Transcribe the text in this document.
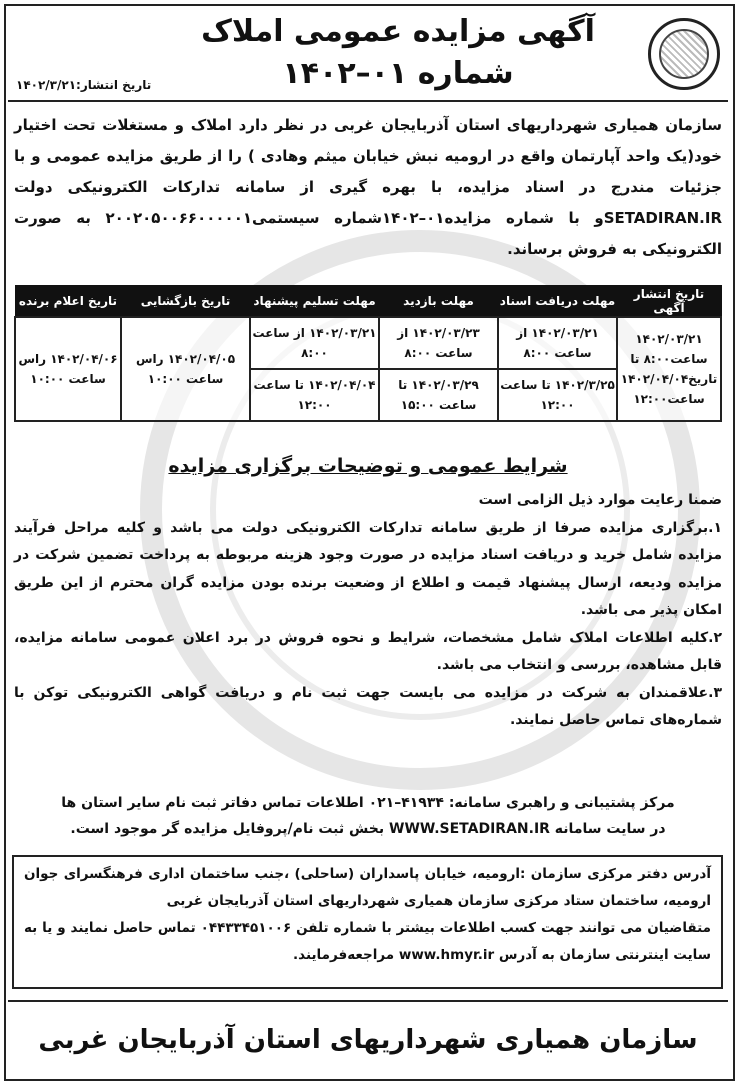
آگهی مزایده عمومی املاک
شماره ۰۱–۱۴۰۲
تاریخ انتشار:۱۴۰۲/۳/۲۱
سازمان همیاری شهرداریهای استان آذربایجان غربی در نظر دارد املاک و مستغلات تحت اختیار خود(یک واحد آپارتمان واقع در ارومیه نبش خیابان میثم وهادی ) را از طریق مزایده عمومی و با جزئیات مندرج در اسناد مزایده، با بهره گیری از سامانه تدارکات الکترونیکی دولت SETADIRAN.IRو با شماره مزایده۰۱–۱۴۰۲شماره سیستمی۲۰۰۲۰۵۰۰۶۶۰۰۰۰۰۱ به صورت الکترونیکی به فروش برساند.
تاریخ انتشار آگهی	مهلت دریافت اسناد	مهلت بازدید	مهلت تسلیم پیشنهاد	تاریخ بازگشایی	تاریخ اعلام برنده
۱۴۰۲/۰۳/۲۱ ساعت۸:۰۰ تا تاریخ۱۴۰۲/۰۴/۰۴ ساعت۱۲:۰۰	۱۴۰۲/۰۳/۲۱ از ساعت ۸:۰۰	۱۴۰۲/۰۳/۲۳ از ساعت ۸:۰۰	۱۴۰۲/۰۳/۲۱ از ساعت ۸:۰۰	۱۴۰۲/۰۴/۰۵ راس ساعت ۱۰:۰۰	۱۴۰۲/۰۴/۰۶ راس ساعت ۱۰:۰۰
	۱۴۰۲/۳/۲۵ تا ساعت ۱۲:۰۰	۱۴۰۲/۰۳/۲۹ تا ساعت ۱۵:۰۰	۱۴۰۲/۰۴/۰۴ تا ساعت ۱۲:۰۰		
شرایط عمومی و توضیحات برگزاری مزایده

ضمنا رعایت موارد ذیل الزامی است

۱.برگزاری مزایده صرفا از طریق سامانه تدارکات الکترونیکی دولت می باشد و کلیه مراحل فرآیند مزایده شامل خرید و دریافت اسناد مزایده در صورت وجود هزینه مربوطه به پرداخت تضمین شرکت در مزایده ودیعه، ارسال پیشنهاد قیمت و اطلاع از وضعیت برنده بودن مزایده گران محترم از این طریق امکان پذیر می باشد.

۲.کلیه اطلاعات املاک شامل مشخصات، شرایط و نحوه فروش در برد اعلان عمومی سامانه مزایده، قابل مشاهده، بررسی و انتخاب می باشد.

۳.علاقمندان به شرکت در مزایده می بایست جهت ثبت نام و دریافت گواهی الکترونیکی توکن با شماره‌های تماس حاصل نمایند.

مرکز پشتیبانی و راهبری سامانه: ۴۱۹۳۴–۰۲۱ اطلاعات تماس دفاتر ثبت نام سایر استان ها
در سایت سامانه WWW.SETADIRAN.IR بخش ثبت نام/پروفایل مزایده گر موجود است.

آدرس دفتر مرکزی سازمان :ارومیه، خیابان پاسداران (ساحلی) ،جنب ساختمان اداری فرهنگسرای جوان ارومیه، ساختمان ستاد مرکزی سازمان همیاری شهرداریهای استان آذربایجان غربی

متقاضیان می توانند جهت کسب اطلاعات بیشتر با شماره تلفن ۰۴۴۳۳۴۵۱۰۰۶ تماس حاصل نمایند و یا به سایت اینترنتی سازمان به آدرس www.hmyr.ir مراجعه‌فرمایند.

سازمان همیاری شهرداریهای استان آذربایجان غربی
